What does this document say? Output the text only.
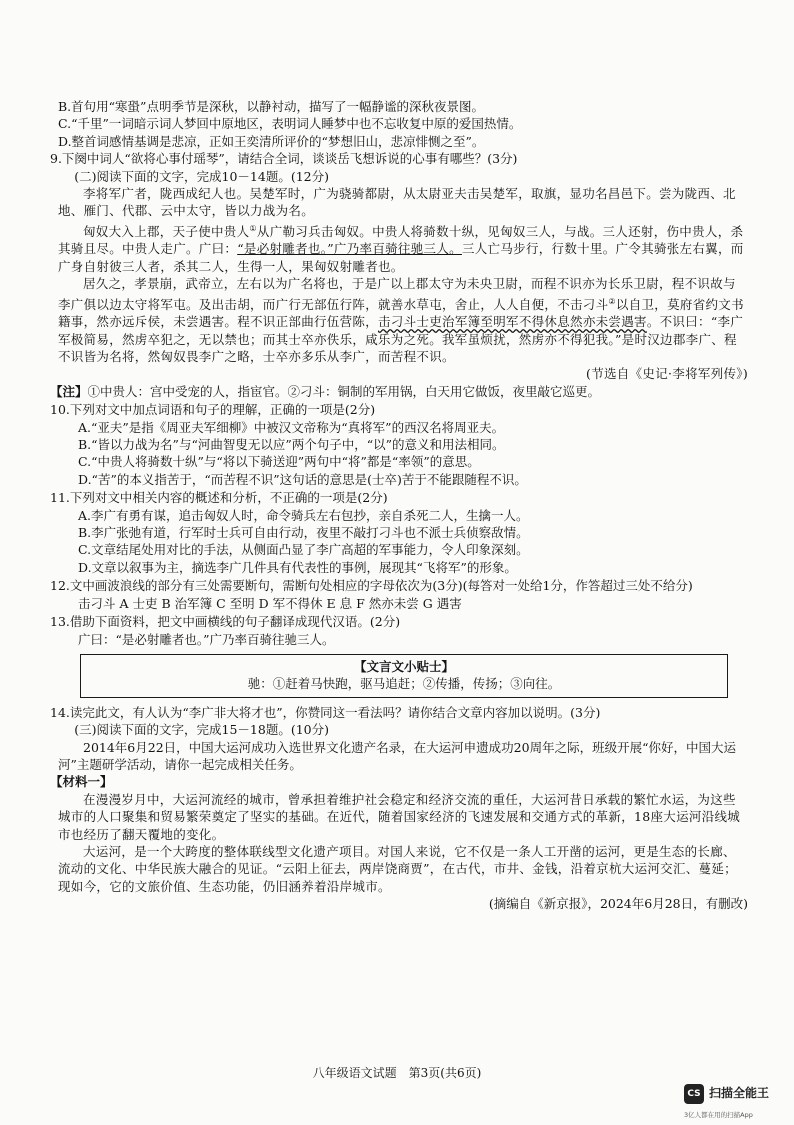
B.首句用“寒蛩”点明季节是深秋，以静衬动，描写了一幅静谧的深秋夜景图。

C.“千里”一词暗示词人梦回中原地区，表明词人睡梦中也不忘收复中原的爱国热情。

D.整首词感情基调是悲凉，正如王奕清所评价的“梦想旧山，悲凉悱恻之至”。

9.下阕中词人“欲将心事付瑶琴”，请结合全词，谈谈岳飞想诉说的心事有哪些？(3分)

(二)阅读下面的文字，完成10－14题。(12分)

李将军广者，陇西成纪人也。吴楚军时，广为骁骑都尉，从太尉亚夫击吴楚军，取旗，显功名昌邑下。尝为陇西、北地、雁门、代郡、云中太守，皆以力战为名。

匈奴大入上郡，天子使中贵人①从广勒习兵击匈奴。中贵人将骑数十纵，见匈奴三人，与战。三人还射，伤中贵人，杀其骑且尽。中贵人走广。广曰：“是必射雕者也。”广乃率百骑往驰三人。三人亡马步行，行数十里。广令其骑张左右翼，而广身自射彼三人者，杀其二人，生得一人，果匈奴射雕者也。

居久之，孝景崩，武帝立，左右以为广名将也，于是广以上郡太守为未央卫尉，而程不识亦为长乐卫尉，程不识故与李广俱以边太守将军屯。及出击胡，而广行无部伍行阵，就善水草屯，舍止，人人自便，不击刁斗②以自卫，莫府省约文书籍事，然亦远斥侯，未尝遇害。程不识正部曲行伍营陈，击刁斗士吏治军簿至明军不得休息然亦未尝遇害。不识曰：“李广军极简易，然虏卒犯之，无以禁也；而其士卒亦佚乐，咸乐为之死。我军虽烦扰，然虏亦不得犯我。”是时汉边郡李广、程不识皆为名将，然匈奴畏李广之略，士卒亦多乐从李广，而苦程不识。

(节选自《史记·李将军列传》)

【注】①中贵人：宫中受宠的人，指宦官。②刁斗：铜制的军用锅，白天用它做饭，夜里敲它巡更。

10.下列对文中加点词语和句子的理解，正确的一项是(2分)

A.“亚夫”是指《周亚夫军细柳》中被汉文帝称为“真将军”的西汉名将周亚夫。

B.“皆以力战为名”与“河曲智叟无以应”两个句子中，“以”的意义和用法相同。

C.“中贵人将骑数十纵”与“将以下骑送迎”两句中“将”都是“率领”的意思。

D.“苦”的本义指苦于，“而苦程不识”这句话的意思是(士卒)苦于不能跟随程不识。

11.下列对文中相关内容的概述和分析，不正确的一项是(2分)

A.李广有勇有谋，追击匈奴人时，命令骑兵左右包抄，亲自杀死二人，生擒一人。

B.李广张弛有道，行军时士兵可自由行动，夜里不敲打刁斗也不派士兵侦察敌情。

C.文章结尾处用对比的手法，从侧面凸显了李广高超的军事能力，令人印象深刻。

D.文章以叙事为主，摘选李广几件具有代表性的事例，展现其“飞将军”的形象。

12.文中画波浪线的部分有三处需要断句，需断句处相应的字母依次为(3分)(每答对一处给1分，作答超过三处不给分)

击刁斗 A 士吏 B 治军簿 C 至明 D 军不得休 E 息 F 然亦未尝 G 遇害

13.借助下面资料，把文中画横线的句子翻译成现代汉语。(2分)

广曰：“是必射雕者也。”广乃率百骑往驰三人。

【文言文小贴士】

驰：①赶着马快跑，驱马追赶；②传播，传扬；③向往。

14.读完此文，有人认为“李广非大将才也”，你赞同这一看法吗？请你结合文章内容加以说明。(3分)

(三)阅读下面的文字，完成15－18题。(10分)

2014年6月22日，中国大运河成功入选世界文化遗产名录，在大运河申遗成功20周年之际，班级开展“你好，中国大运河”主题研学活动，请你一起完成相关任务。

【材料一】

在漫漫岁月中，大运河流经的城市，曾承担着维护社会稳定和经济交流的重任，大运河昔日承载的繁忙水运，为这些城市的人口聚集和贸易繁荣奠定了坚实的基础。在近代，随着国家经济的飞速发展和交通方式的革新，18座大运河沿线城市也经历了翻天覆地的变化。

大运河，是一个大跨度的整体联线型文化遗产项目。对国人来说，它不仅是一条人工开凿的运河，更是生态的长廊、流动的文化、中华民族大融合的见证。“云阳上征去，两岸饶商贾”，在古代，市井、金钱，沿着京杭大运河交汇、蔓延；现如今，它的文旅价值、生态功能，仍旧涵养着沿岸城市。

(摘编自《新京报》，2024年6月28日，有删改)

八年级语文试题　第3页(共6页)
CS 扫描全能王
3亿人都在用的扫描App
